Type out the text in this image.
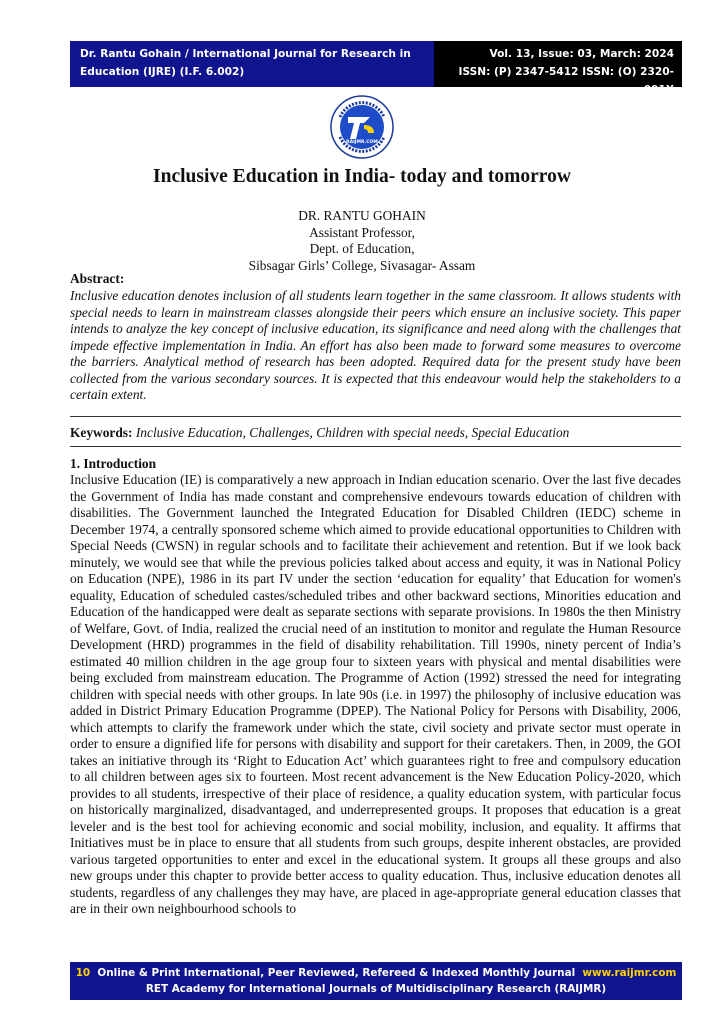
Dr. Rantu Gohain / International Journal for Research in
Education (IJRE) (I.F. 6.002)
Vol. 13, Issue: 03, March: 2024
ISSN: (P) 2347-5412 ISSN: (O) 2320-091X
RAIJMR.COM
Inclusive Education in India- today and tomorrow
DR. RANTU GOHAIN
Assistant Professor,
Dept. of Education,
Sibsagar Girls’ College, Sivasagar- Assam
Abstract:
Inclusive education denotes inclusion of all students learn together in the same classroom. It allows students with special needs to learn in mainstream classes alongside their peers which ensure an inclusive society. This paper intends to analyze the key concept of inclusive education, its significance and need along with the challenges that impede effective implementation in India. An effort has also been made to forward some measures to overcome the barriers. Analytical method of research has been adopted. Required data for the present study have been collected from the various secondary sources. It is expected that this endeavour would help the stakeholders to a certain extent.
Keywords: Inclusive Education, Challenges, Children with special needs, Special Education
1. Introduction
Inclusive Education (IE) is comparatively a new approach in Indian education scenario. Over the last five decades the Government of India has made constant and comprehensive endevours towards education of children with disabilities. The Government launched the Integrated Education for Disabled Children (IEDC) scheme in December 1974, a centrally sponsored scheme which aimed to provide educational opportunities to Children with Special Needs (CWSN) in regular schools and to facilitate their achievement and retention. But if we look back minutely, we would see that while the previous policies talked about access and equity, it was in National Policy on Education (NPE), 1986 in its part IV under the section ‘education for equality’ that Education for women's equality, Education of scheduled castes/scheduled tribes and other backward sections, Minorities education and Education of the handicapped were dealt as separate sections with separate provisions. In 1980s the then Ministry of Welfare, Govt. of India, realized the crucial need of an institution to monitor and regulate the Human Resource Development (HRD) programmes in the field of disability rehabilitation. Till 1990s, ninety percent of India’s estimated 40 million children in the age group four to sixteen years with physical and mental disabilities were being excluded from mainstream education. The Programme of Action (1992) stressed the need for integrating children with special needs with other groups. In late 90s (i.e. in 1997) the philosophy of inclusive education was added in District Primary Education Programme (DPEP). The National Policy for Persons with Disability, 2006, which attempts to clarify the framework under which the state, civil society and private sector must operate in order to ensure a dignified life for persons with disability and support for their caretakers. Then, in 2009, the GOI takes an initiative through its ‘Right to Education Act’ which guarantees right to free and compulsory education to all children between ages six to fourteen. Most recent advancement is the New Education Policy-2020, which provides to all students, irrespective of their place of residence, a quality education system, with particular focus on historically marginalized, disadvantaged, and underrepresented groups. It proposes that education is a great leveler and is the best tool for achieving economic and social mobility, inclusion, and equality. It affirms that Initiatives must be in place to ensure that all students from such groups, despite inherent obstacles, are provided various targeted opportunities to enter and excel in the educational system. It groups all these groups and also new groups under this chapter to provide better access to quality education. Thus, inclusive education denotes all students, regardless of any challenges they may have, are placed in age-appropriate general education classes that are in their own neighbourhood schools to
10 Online & Print International, Peer Reviewed, Refereed & Indexed Monthly Journal www.raijmr.com
RET Academy for International Journals of Multidisciplinary Research (RAIJMR)
